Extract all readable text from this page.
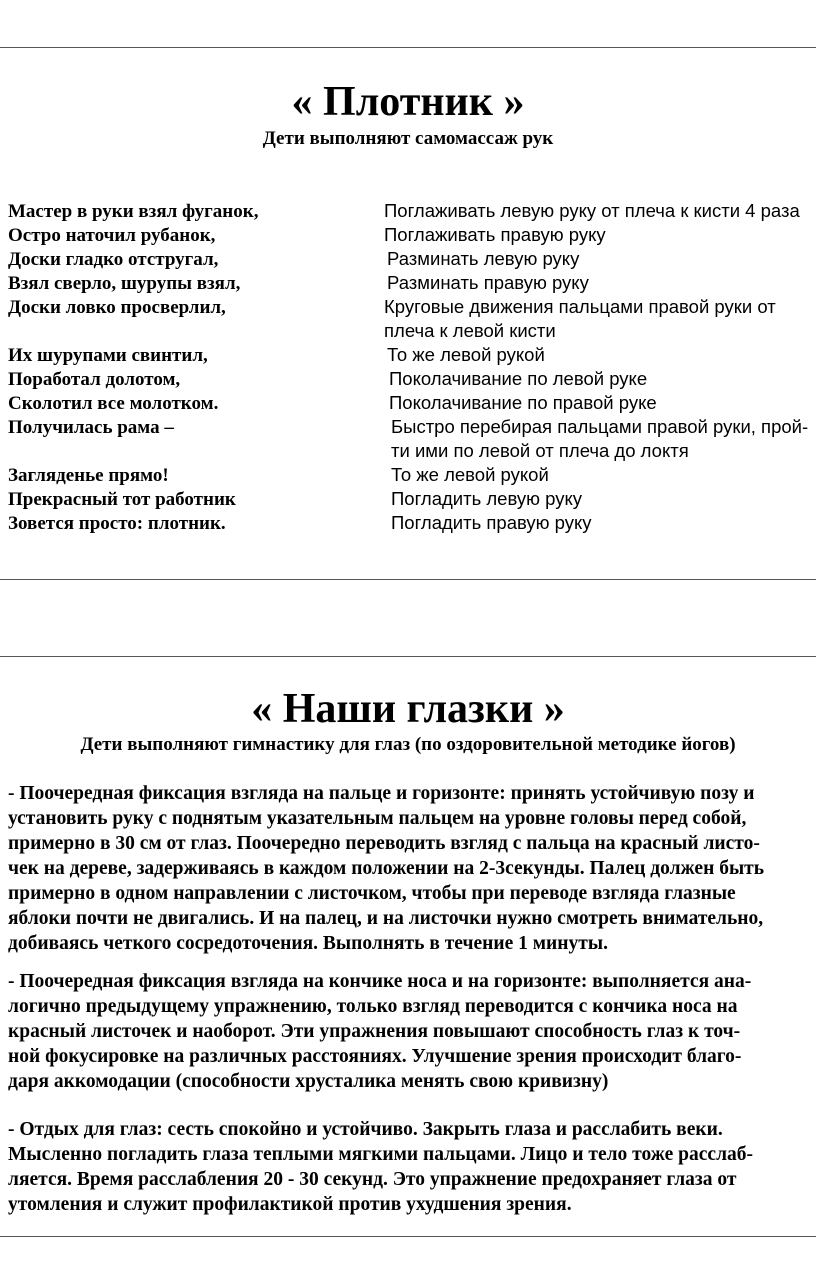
« Плотник »
Дети выполняют самомассаж рук
Мастер в руки взял фуганок,
Остро наточил рубанок,
Доски гладко отстругал,
Взял сверло, шурупы взял,
Доски ловко просверлил,
Их шурупами свинтил,
Поработал долотом,
Сколотил все молотком.
Получилась рама –
Загляденье прямо!
Прекрасный тот работник
Зовется просто: плотник.
Поглаживать левую руку от плеча к кисти 4 раза
Поглаживать правую руку
Разминать левую руку
Разминать правую руку
Круговые движения пальцами правой руки от
плеча к левой кисти
То же левой рукой
Поколачивание по левой руке
Поколачивание по правой руке
Быстро перебирая пальцами правой руки, прой-
ти ими по левой от плеча до локтя
То же левой рукой
Погладить левую руку
Погладить правую руку
« Наши глазки »
Дети выполняют гимнастику для глаз (по оздоровительной методике йогов)
- Поочередная фиксация взгляда на пальце и горизонте: принять устойчивую позу и
установить руку с поднятым указательным пальцем на уровне головы перед собой,
примерно в 30 см от глаз. Поочередно переводить взгляд с пальца на красный листо-
чек на дереве, задерживаясь в каждом положении на 2-3секунды. Палец должен быть
примерно в одном направлении с листочком, чтобы при переводе взгляда глазные
яблоки почти не двигались. И на палец, и на листочки нужно смотреть внимательно,
добиваясь четкого сосредоточения. Выполнять в течение 1 минуты.
- Поочередная фиксация взгляда на кончике носа и на горизонте: выполняется ана-
логично предыдущему упражнению, только взгляд переводится с кончика носа на
красный листочек и наоборот. Эти упражнения повышают способность глаз к точ-
ной фокусировке на различных расстояниях. Улучшение зрения происходит благо-
даря аккомодации (способности хрусталика менять свою кривизну)
- Отдых для глаз: сесть спокойно и устойчиво. Закрыть глаза и расслабить веки.
Мысленно погладить глаза теплыми мягкими пальцами. Лицо и тело тоже расслаб-
ляется. Время расслабления 20 - 30 секунд. Это упражнение предохраняет глаза от
утомления и служит профилактикой против ухудшения зрения.
